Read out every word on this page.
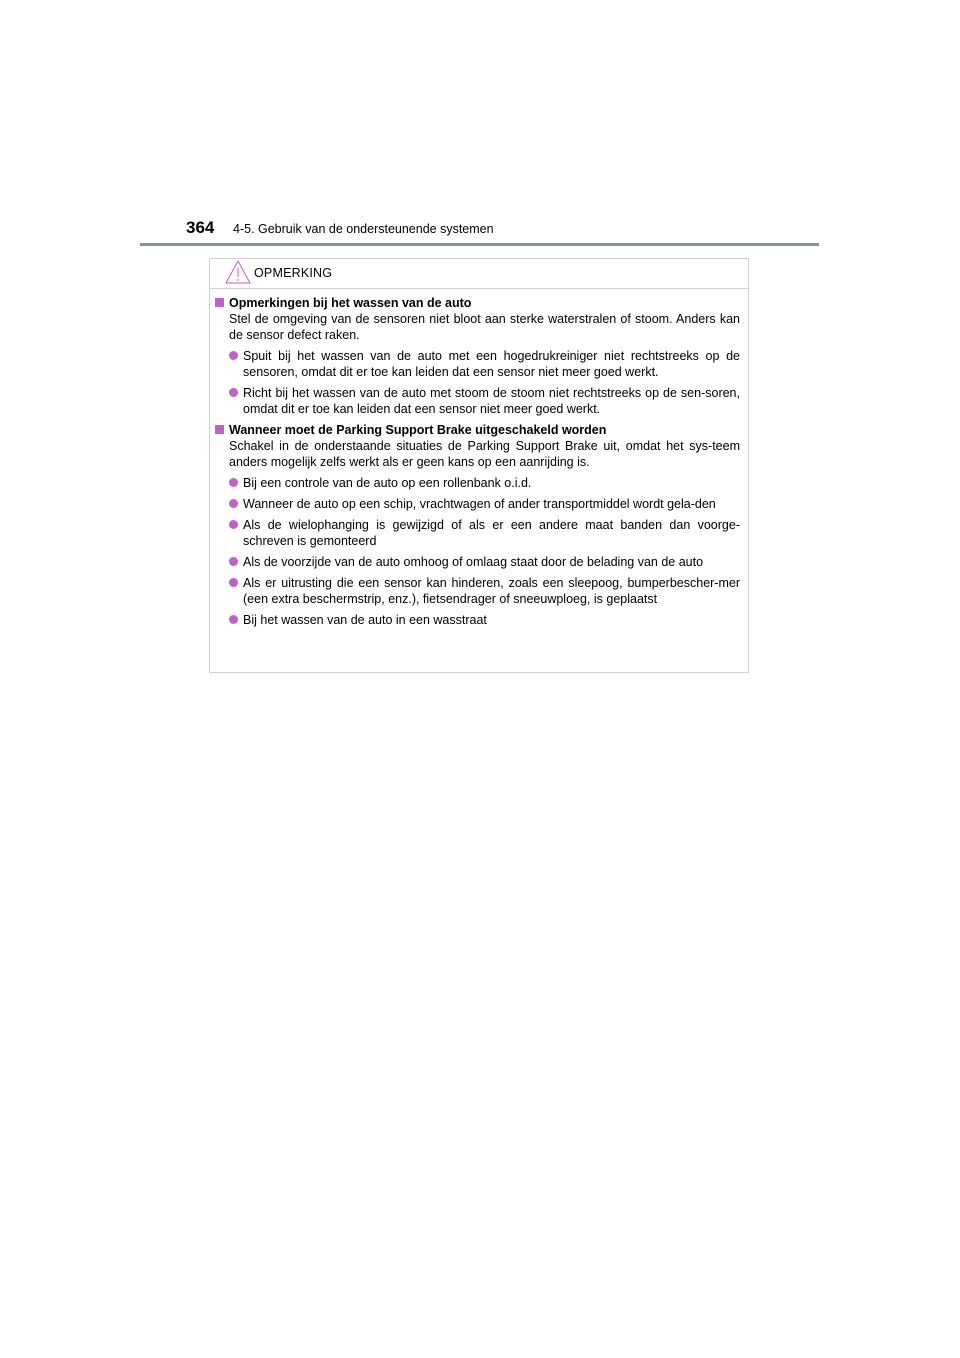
364 4-5. Gebruik van de ondersteunende systemen
OPMERKING
Opmerkingen bij het wassen van de auto
Stel de omgeving van de sensoren niet bloot aan sterke waterstralen of stoom. Anders kan de sensor defect raken.
Spuit bij het wassen van de auto met een hogedrukreiniger niet rechtstreeks op de sensoren, omdat dit er toe kan leiden dat een sensor niet meer goed werkt.
Richt bij het wassen van de auto met stoom de stoom niet rechtstreeks op de sen-soren, omdat dit er toe kan leiden dat een sensor niet meer goed werkt.
Wanneer moet de Parking Support Brake uitgeschakeld worden
Schakel in de onderstaande situaties de Parking Support Brake uit, omdat het sys-teem anders mogelijk zelfs werkt als er geen kans op een aanrijding is.
Bij een controle van de auto op een rollenbank o.i.d.
Wanneer de auto op een schip, vrachtwagen of ander transportmiddel wordt gela-den
Als de wielophanging is gewijzigd of als er een andere maat banden dan voorge-schreven is gemonteerd
Als de voorzijde van de auto omhoog of omlaag staat door de belading van de auto
Als er uitrusting die een sensor kan hinderen, zoals een sleepoog, bumperbescher-mer (een extra beschermstrip, enz.), fietsendrager of sneeuwploeg, is geplaatst
Bij het wassen van de auto in een wasstraat
